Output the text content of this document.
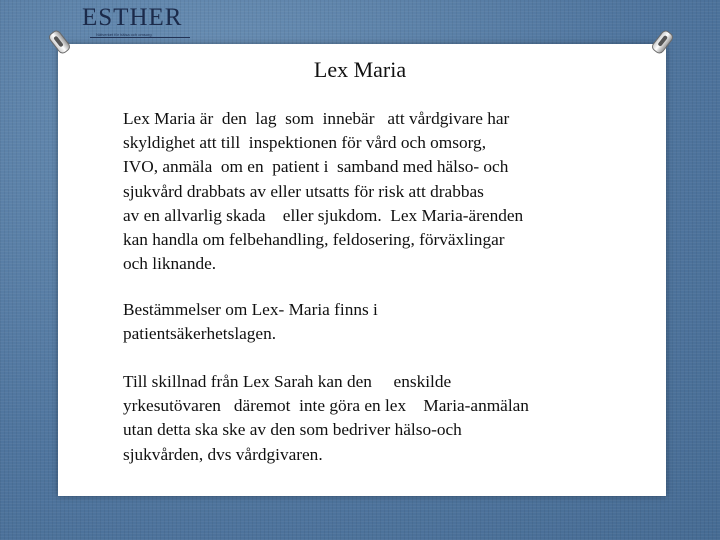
ESTHER
Nätverket för hälsa och omsorg
Lex Maria
Lex Maria är  den  lag  som  innebär   att vårdgivare har
skyldighet att till  inspektionen för vård och omsorg,
IVO, anmäla  om en  patient i  samband med hälso- och
sjukvård drabbats av eller utsatts för risk att drabbas
av en allvarlig skada    eller sjukdom.  Lex Maria-ärenden
kan handla om felbehandling, feldosering, förväxlingar
och liknande.
Bestämmelser om Lex- Maria finns i
patientsäkerhetslagen.
Till skillnad från Lex Sarah kan den     enskilde
yrkesutövaren   däremot  inte göra en lex    Maria-anmälan
utan detta ska ske av den som bedriver hälso-och
sjukvården, dvs vårdgivaren.
